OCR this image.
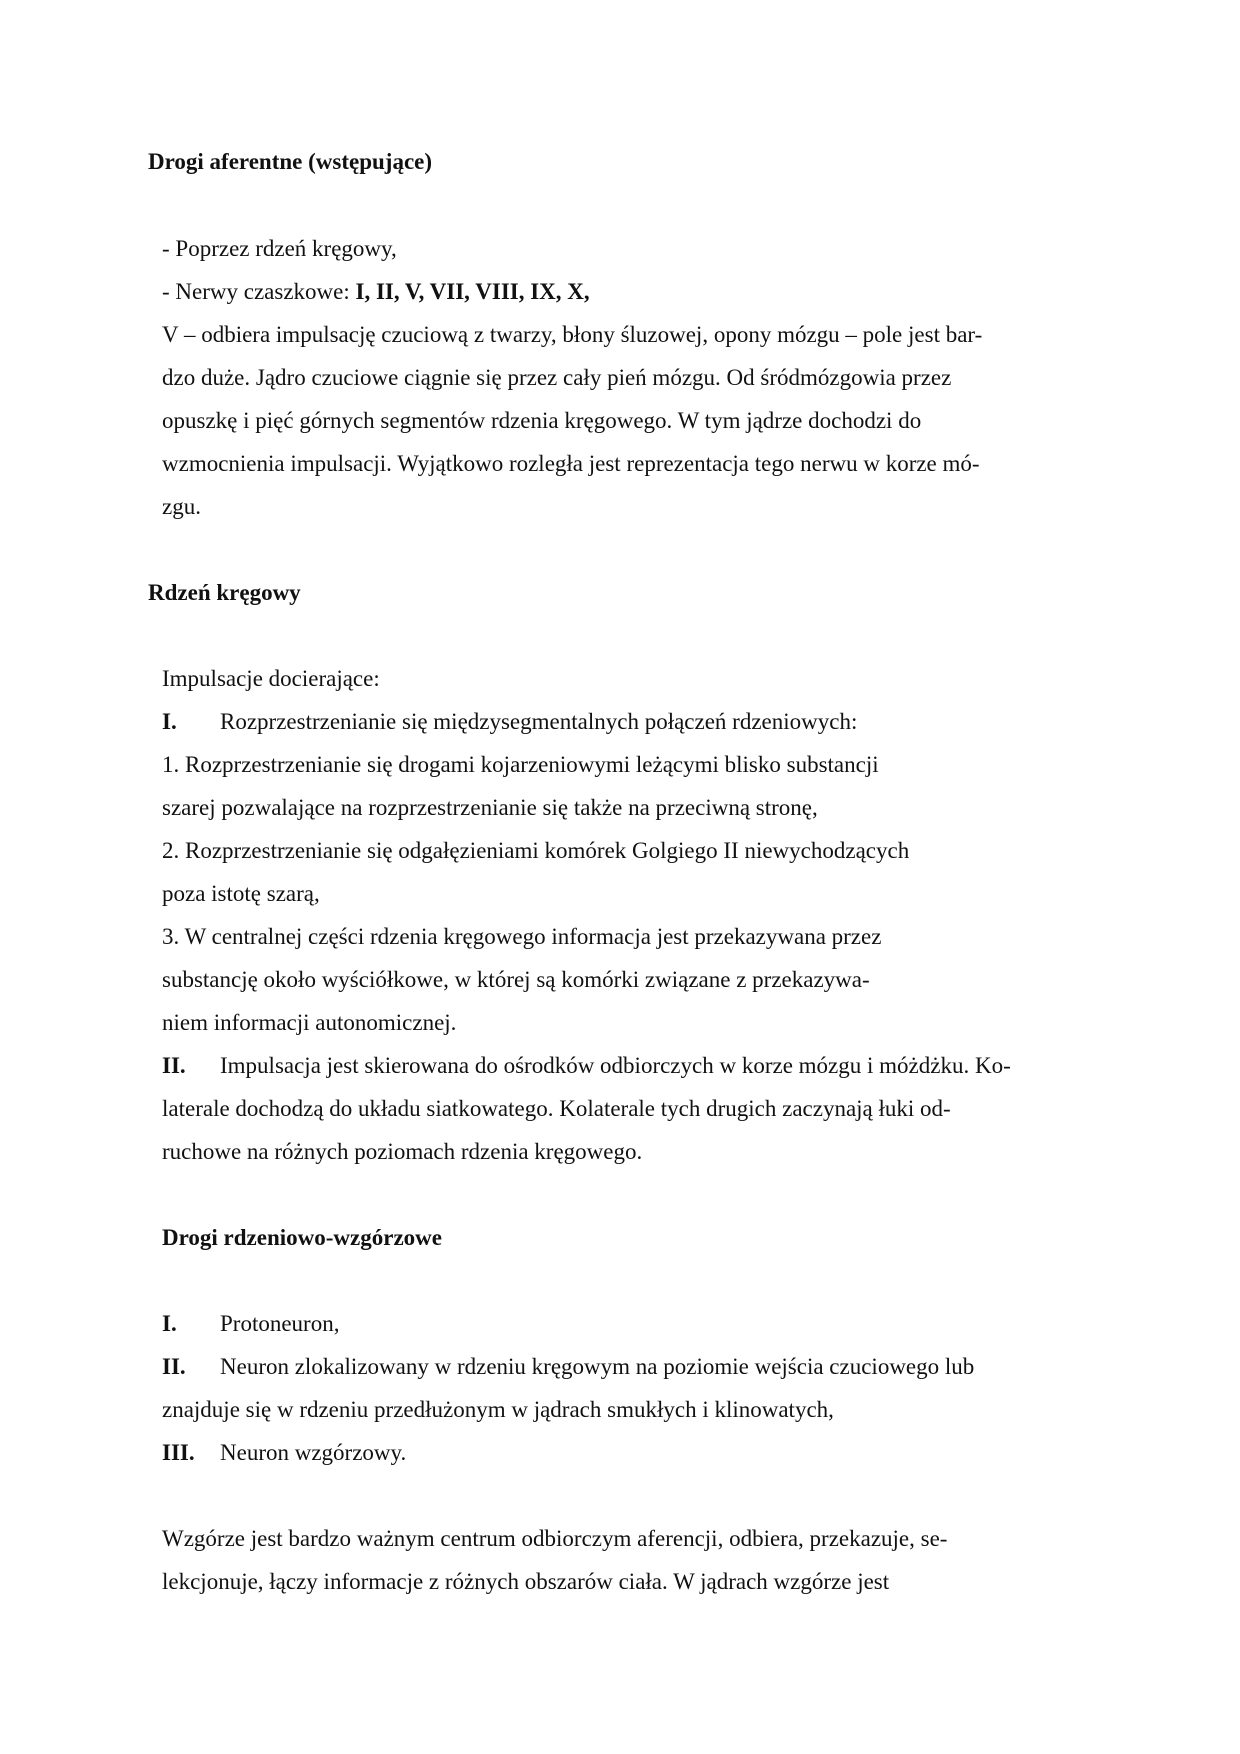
Drogi aferentne (wstępujące)
- Poprzez rdzeń kręgowy,
- Nerwy czaszkowe: I, II, V, VII, VIII, IX, X,
V – odbiera impulsację czuciową z twarzy, błony śluzowej, opony mózgu – pole jest bar-
dzo duże. Jądro czuciowe ciągnie się przez cały pień mózgu. Od śródmózgowia przez
opuszkę i pięć górnych segmentów rdzenia kręgowego. W tym jądrze dochodzi do
wzmocnienia impulsacji. Wyjątkowo rozległa jest reprezentacja tego nerwu w korze mó-
zgu.
Rdzeń kręgowy
Impulsacje docierające:
I. Rozprzestrzenianie się międzysegmentalnych połączeń rdzeniowych:
1. Rozprzestrzenianie się drogami kojarzeniowymi leżącymi blisko substancji
szarej pozwalające na rozprzestrzenianie się także na przeciwną stronę,
2. Rozprzestrzenianie się odgałęzieniami komórek Golgiego II niewychodzących
poza istotę szarą,
3. W centralnej części rdzenia kręgowego informacja jest przekazywana przez
substancję około wyściółkowe, w której są komórki związane z przekazywa-
niem informacji autonomicznej.
II. Impulsacja jest skierowana do ośrodków odbiorczych w korze mózgu i móżdżku. Ko-
laterale dochodzą do układu siatkowatego. Kolaterale tych drugich zaczynają łuki od-
ruchowe na różnych poziomach rdzenia kręgowego.
Drogi rdzeniowo-wzgórzowe
I. Protoneuron,
II. Neuron zlokalizowany w rdzeniu kręgowym na poziomie wejścia czuciowego lub
znajduje się w rdzeniu przedłużonym w jądrach smukłych i klinowatych,
III. Neuron wzgórzowy.
Wzgórze jest bardzo ważnym centrum odbiorczym aferencji, odbiera, przekazuje, se-
lekcjonuje, łączy informacje z różnych obszarów ciała. W jądrach wzgórze jest
